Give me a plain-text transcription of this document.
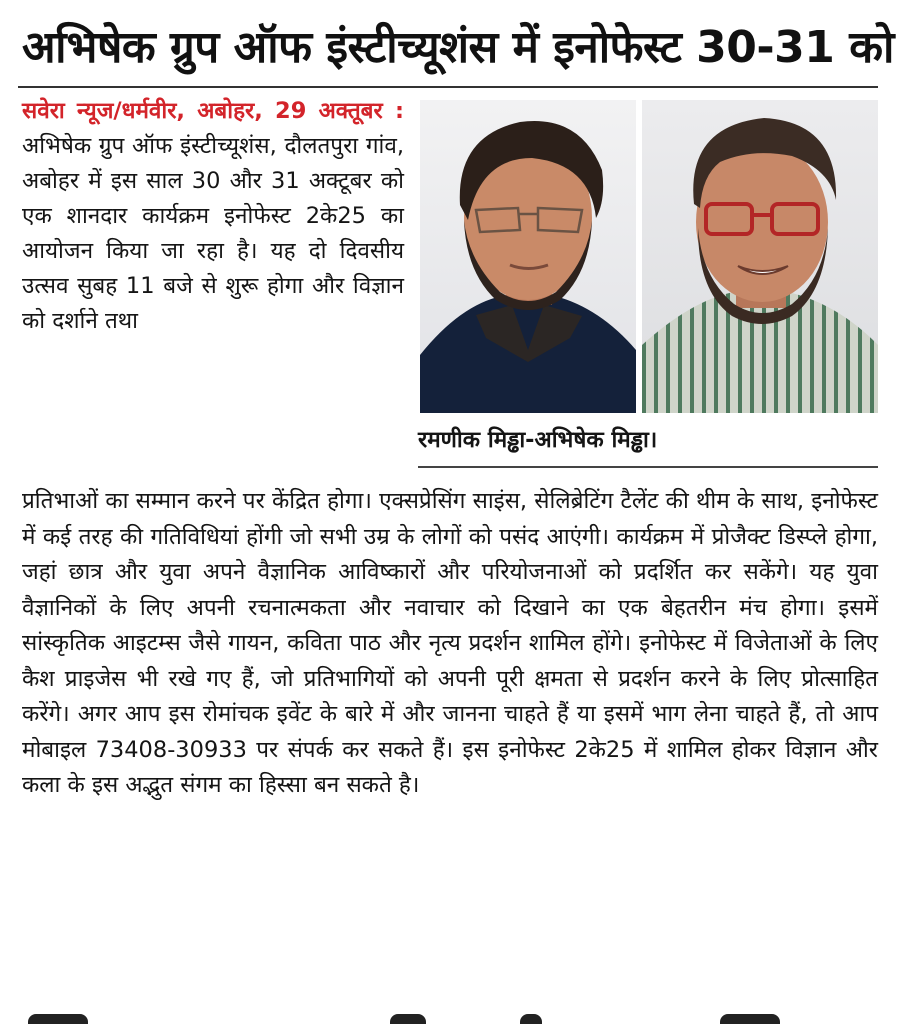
अभिषेक ग्रुप ऑफ इंस्टीच्यूशंस में इनोफेस्ट 30-31 को
सवेरा न्यूज/धर्मवीर, अबोहर, 29 अक्तूबर : अभिषेक ग्रुप ऑफ इंस्टीच्यूशंस, दौलतपुरा गांव, अबोहर में इस साल 30 और 31 अक्टूबर को एक शानदार कार्यक्रम इनोफेस्ट 2के25 का आयोजन किया जा रहा है। यह दो दिवसीय उत्सव सुबह 11 बजे से शुरू होगा और विज्ञान को दर्शाने तथा
रमणीक मिड्ढा-अभिषेक मिड्ढा।
प्रतिभाओं का सम्मान करने पर केंद्रित होगा। एक्सप्रेसिंग साइंस, सेलिब्रेटिंग टैलेंट की थीम के साथ, इनोफेस्ट में कई तरह की गतिविधियां होंगी जो सभी उम्र के लोगों को पसंद आएंगी। कार्यक्रम में प्रोजैक्ट डिस्प्ले होगा, जहां छात्र और युवा अपने वैज्ञानिक आविष्कारों और परियोजनाओं को प्रदर्शित कर सकेंगे। यह युवा वैज्ञानिकों के लिए अपनी रचनात्मकता और नवाचार को दिखाने का एक बेहतरीन मंच होगा। इसमें सांस्कृतिक आइटम्स जैसे गायन, कविता पाठ और नृत्य प्रदर्शन शामिल होंगे। इनोफेस्ट में विजेताओं के लिए कैश प्राइजेस भी रखे गए हैं, जो प्रतिभागियों को अपनी पूरी क्षमता से प्रदर्शन करने के लिए प्रोत्साहित करेंगे। अगर आप इस रोमांचक इवेंट के बारे में और जानना चाहते हैं या इसमें भाग लेना चाहते हैं, तो आप मोबाइल 73408-30933 पर संपर्क कर सकते हैं। इस इनोफेस्ट 2के25 में शामिल होकर विज्ञान और कला के इस अद्भुत संगम का हिस्सा बन सकते है।
